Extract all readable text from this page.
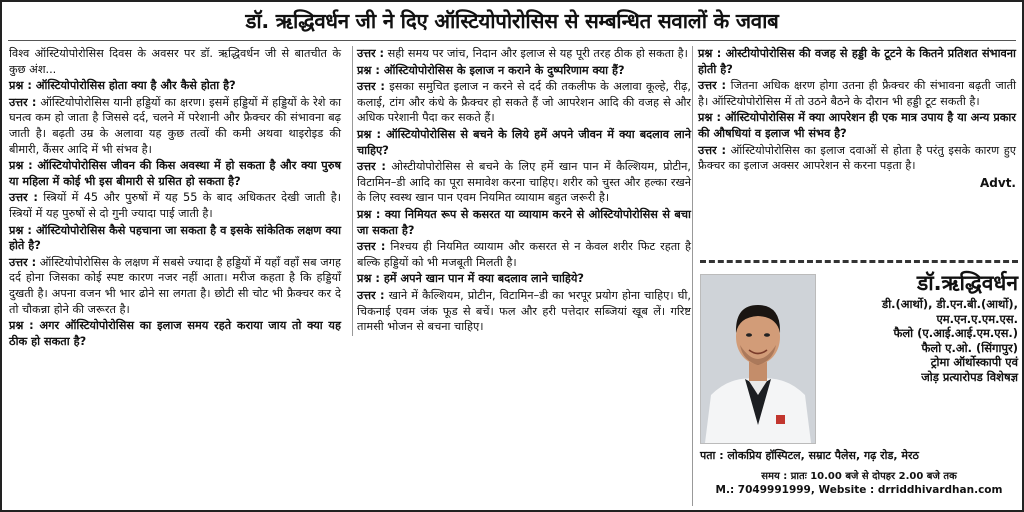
डॉ. ऋद्धिवर्धन जी ने दिए ऑस्टियोपोरोसिस से सम्बन्धित सवालों के जवाब

विश्व ऑस्टियोपोरोसिस दिवस के अवसर पर डॉ. ऋद्धिवर्धन जी से बातचीत के कुछ अंश...

प्रश्न : ऑस्टियोपोरोसिस होता क्या है और कैसे होता है?

उत्तर : ऑस्टियोपोरोसिस यानी हड्डियों का क्षरण। इसमें हड्डियों में हड्डियों के रेशे का घनत्व कम हो जाता है जिससे दर्द, चलने में परेशानी और फ्रैक्चर की संभावना बढ़ जाती है। बढ़ती उम्र के अलावा यह कुछ तत्वों की कमी अथवा थाइरोइड की बीमारी, कैंसर आदि में भी संभव है।

प्रश्न : ऑस्टियोपोरोसिस जीवन की किस अवस्था में हो सकता है और क्या पुरुष या महिला में कोई भी इस बीमारी से ग्रसित हो सकता है?

उत्तर : स्त्रियों में 45 और पुरुषों में यह 55 के बाद अधिकतर देखी जाती है। स्त्रियों में यह पुरुषों से दो गुनी ज्यादा पाई जाती है।

प्रश्न : ऑस्टियोपोरोसिस कैसे पहचाना जा सकता है व इसके सांकेतिक लक्षण क्या होते है?

उत्तर : ऑस्टियोपोरोसिस के लक्षण में सबसे ज्यादा है हड्डियों में यहाँ वहाँ सब जगह दर्द होना जिसका कोई स्पष्ट कारण नजर नहीं आता। मरीज कहता है कि हड्डियाँ दुखती है। अपना वजन भी भार ढोने सा लगता है। छोटी सी चोट भी फ्रैक्चर कर दे तो चौकन्ना होने की जरूरत है।

प्रश्न : अगर ऑस्टियोपोरोसिस का इलाज समय रहते कराया जाय तो क्या यह ठीक हो सकता है?

उत्तर : सही समय पर जांच, निदान और इलाज से यह पूरी तरह ठीक हो सकता है।

प्रश्न : ऑस्टियोपोरोसिस के इलाज न कराने के दुष्परिणाम क्या हैं?

उत्तर : इसका समुचित इलाज न करने से दर्द की तकलीफ के अलावा कूल्हे, रीढ़, कलाई, टांग और कंधे के फ्रैक्चर हो सकते हैं जो आपरेशन आदि की वजह से और अधिक परेशानी पैदा कर सकते हैं।

प्रश्न : ऑस्टियोपोरोसिस से बचने के लिये हमें अपने जीवन में क्या बदलाव लाने चाहिए?

उत्तर : ओस्टीयोपोरोसिस से बचने के लिए हमें खान पान में कैल्शियम, प्रोटीन, विटामिन–डी आदि का पूरा समावेश करना चाहिए। शरीर को चुस्त और हल्का रखने के लिए स्वस्थ खान पान एवम नियमित व्यायाम बहुत जरूरी है।

प्रश्न : क्या निमियत रूप से कसरत या व्यायाम करने से ओस्टियोपोरोसिस से बचा जा सकता है?

उत्तर : निश्चय ही नियमित व्यायाम और कसरत से न केवल शरीर फिट रहता है बल्कि हड्डियों को भी मजबूती मिलती है।

प्रश्न : हमें अपने खान पान में क्या बदलाव लाने चाहिये?

उत्तर : खाने में कैल्शियम, प्रोटीन, विटामिन–डी का भरपूर प्रयोग होना चाहिए। घी, चिकनाई एवम जंक फूड से बचें। फल और हरी पत्तेदार सब्जियां खूब लें। गरिष्ट तामसी भोजन से बचना चाहिए।

प्रश्न : ओस्टीयोपोरोसिस की वजह से हड्डी के टूटने के कितने प्रतिशत संभावना होती है?

उत्तर : जितना अधिक क्षरण होगा उतना ही फ्रैक्चर की संभावना बढ़ती जाती है। ऑस्टियोपोरोसिस में तो उठने बैठने के दौरान भी हड्डी टूट सकती है।

प्रश्न : ऑस्टियोपोरोसिस में क्या आपरेशन ही एक मात्र उपाय है या अन्य प्रकार की औषधियां व इलाज भी संभव है?

उत्तर : ऑस्टियोपोरोसिस का इलाज दवाओं से होता है परंतु इसके कारण हुए फ्रैक्चर का इलाज अक्सर आपरेशन से करना पड़ता है।

Advt.
डॉ.ऋद्धिवर्धन
डी.(आर्थो), डी.एन.बी.(आर्थो),
एम.एन.ए.एम.एस.
फैलो (ए.आई.आई.एम.एस.)
फैलो ए.ओ. (सिंगापुर)
ट्रोमा ऑर्थोस्कापी एवं
जोड़ प्रत्यारोपड विशेषज्ञ
पता : लोकप्रिय हॉस्पिटल, सम्राट पैलेस, गढ़ रोड, मेरठ
समय : प्रातः 10.00 बजे से दोपहर 2.00 बजे तक
M.: 7049991999, Website : drriddhivardhan.com
